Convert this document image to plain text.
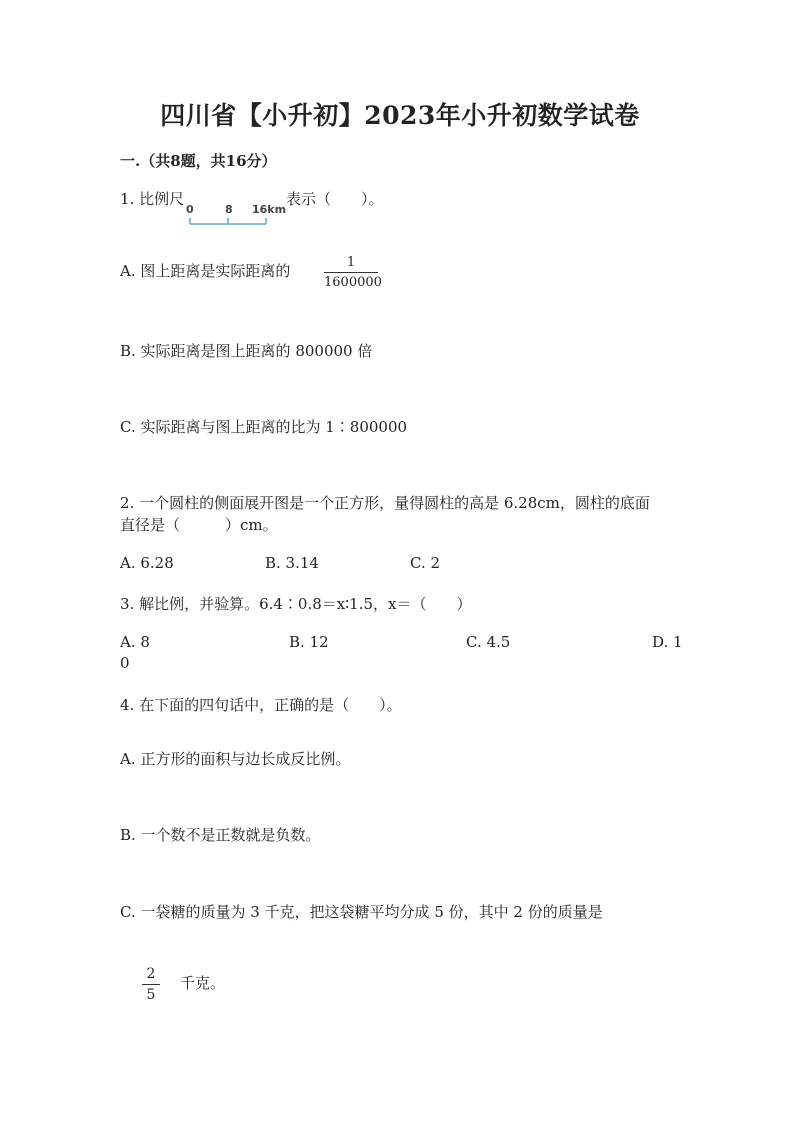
四川省【小升初】2023年小升初数学试卷
一.（共8题，共16分）
1. 比例尺
0	8 16km
表示（　　）。
A. 图上距离是实际距离的	1
1600000
B. 实际距离是图上距离的 800000 倍
C. 实际距离与图上距离的比为 1∶800000
2. 一个圆柱的侧面展开图是一个正方形，量得圆柱的高是 6.28cm，圆柱的底面
直径是（　　　）cm。
A. 6.28	B. 3.14	C. 2
3. 解比例，并验算。6.4∶0.8＝x∶1.5，x＝（　　）
A. 8	B. 12	C. 4.5	D. 1
0
4. 在下面的四句话中，正确的是（　　）。
A. 正方形的面积与边长成反比例。
B. 一个数不是正数就是负数。
C. 一袋糖的质量为 3 千克，把这袋糖平均分成 5 份，其中 2 份的质量是
2
5
千克。
